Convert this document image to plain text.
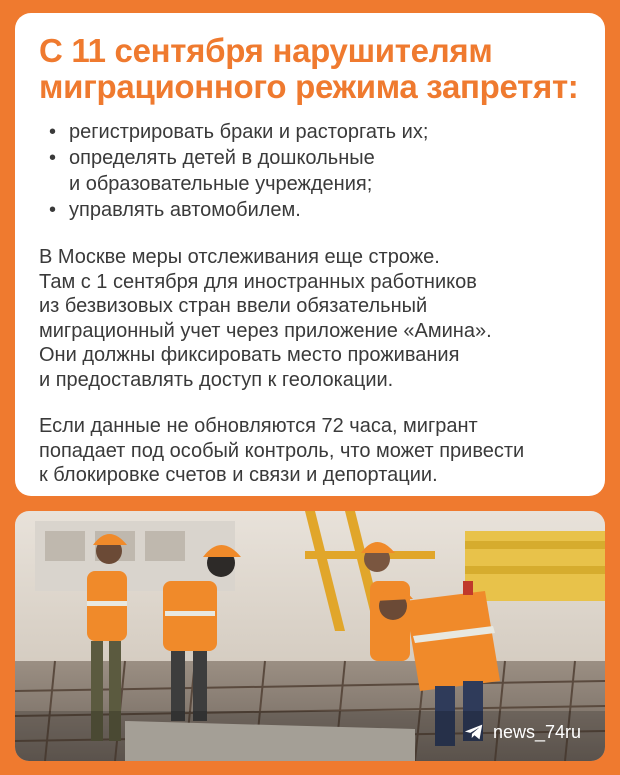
С 11 сентября нарушителям
миграционного режима запретят:
• регистрировать браки и расторгать их;
• определять детей в дошкольные
и образовательные учреждения;
• управлять автомобилем.

В Москве меры отслеживания еще строже.
Там с 1 сентября для иностранных работников
из безвизовых стран ввели обязательный
миграционный учет через приложение «Амина».
Они должны фиксировать место проживания
и предоставлять доступ к геолокации.

Если данные не обновляются 72 часа, мигрант
попадает под особый контроль, что может привести
к блокировке счетов и связи и депортации.

news_74ru
